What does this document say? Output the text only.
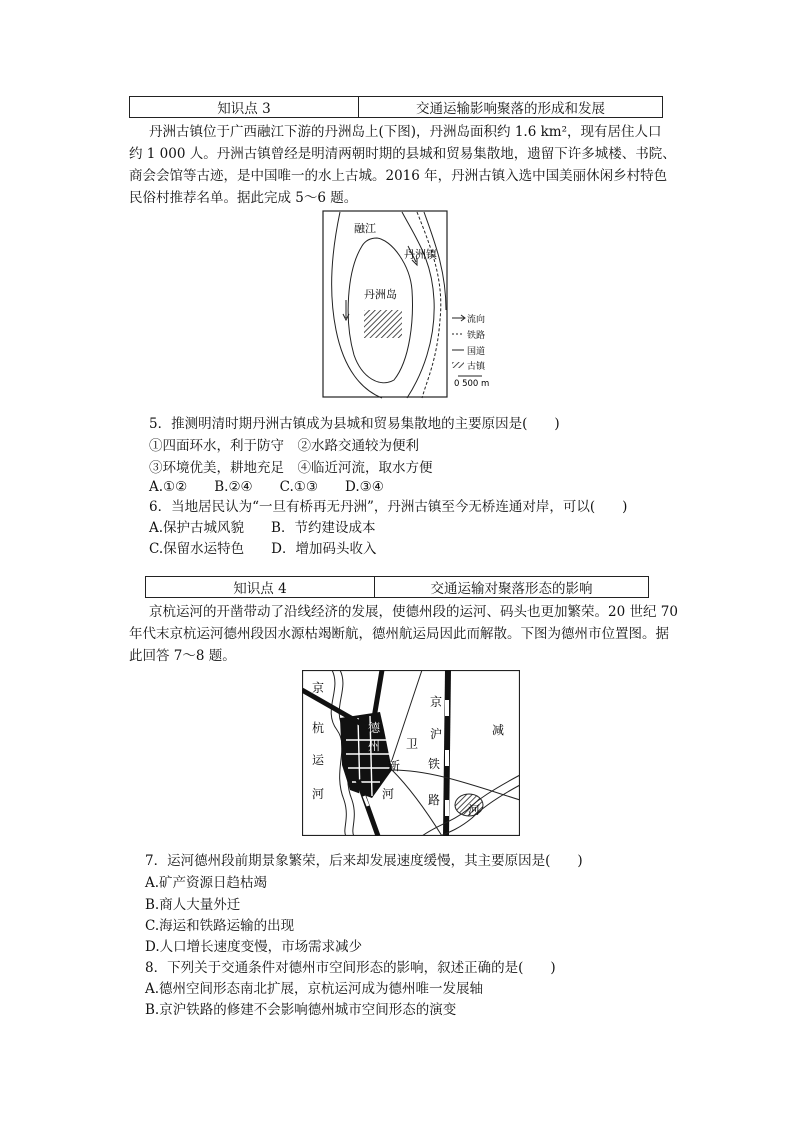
知识点 3	交通运输影响聚落的形成和发展
丹洲古镇位于广西融江下游的丹洲岛上(下图)，丹洲岛面积约 1.6 km²，现有居住人口
约 1 000 人。丹洲古镇曾经是明清两朝时期的县城和贸易集散地，遗留下许多城楼、书院、
商会会馆等古迹，是中国唯一的水上古城。2016 年，丹洲古镇入选中国美丽休闲乡村特色
民俗村推荐名单。据此完成 5～6 题。
融江
丹洲镇
丹洲岛
流向
铁路
国道
古镇
0 500 m
5．推测明清时期丹洲古镇成为县城和贸易集散地的主要原因是(　　)
①四面环水，利于防守　②水路交通较为便利
③环境优美，耕地充足　④临近河流，取水方便
A.①②　　B.②④　　C.①③　　D.③④
6．当地居民认为“一旦有桥再无丹洲”，丹洲古镇至今无桥连通对岸，可以(　　)
A.保护古城风貌　　B．节约建设成本
C.保留水运特色　　D．增加码头收入
知识点 4	交通运输对聚落形态的影响
京杭运河的开凿带动了沿线经济的发展，使德州段的运河、码头也更加繁荣。20 世纪 70
年代末京杭运河德州段因水源枯竭断航，德州航运局因此而解散。下图为德州市位置图。据
此回答 7～8 题。
京
杭
运
河
德
州 卫
新
河
京
沪
铁
路
减
河
7．运河德州段前期景象繁荣，后来却发展速度缓慢，其主要原因是(　　)
A.矿产资源日趋枯竭
B.商人大量外迁
C.海运和铁路运输的出现
D.人口增长速度变慢，市场需求减少
8．下列关于交通条件对德州市空间形态的影响，叙述正确的是(　　)
A.德州空间形态南北扩展，京杭运河成为德州唯一发展轴
B.京沪铁路的修建不会影响德州城市空间形态的演变
